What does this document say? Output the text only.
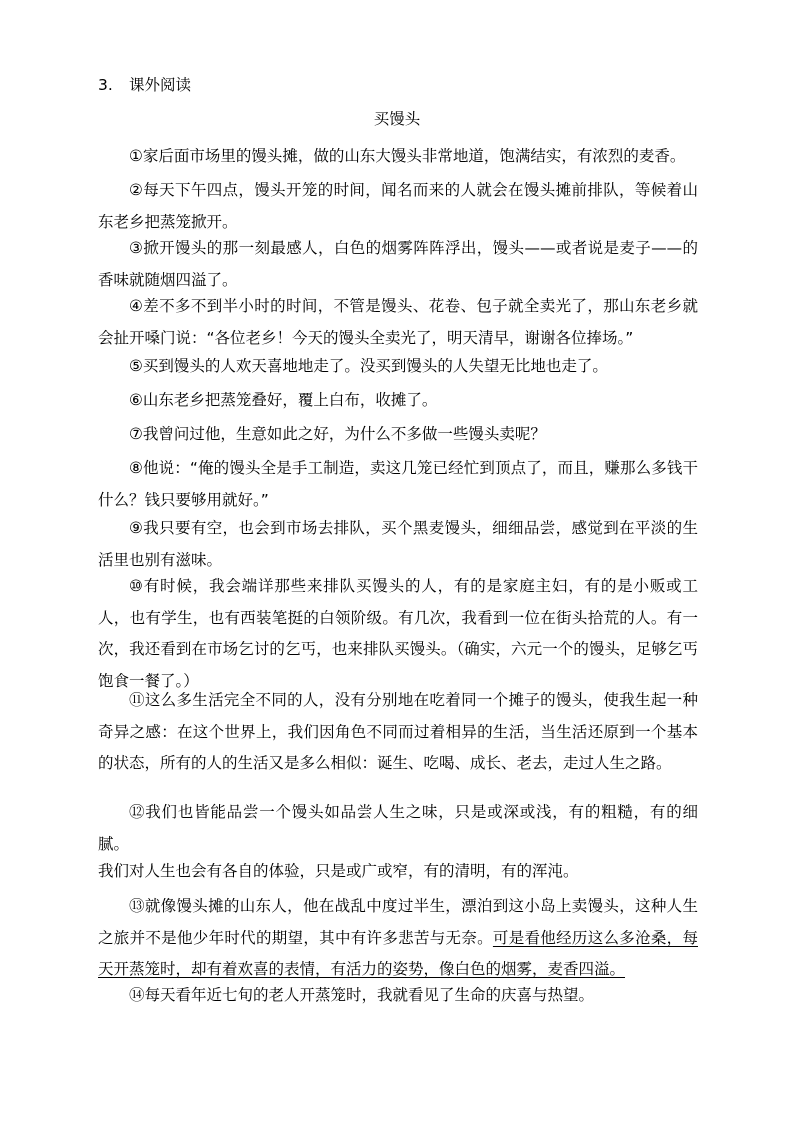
3. 课外阅读
买馒头

①家后面市场里的馒头摊，做的山东大馒头非常地道，饱满结实，有浓烈的麦香。

②每天下午四点，馒头开笼的时间，闻名而来的人就会在馒头摊前排队，等候着山东老乡把蒸笼掀开。

③掀开馒头的那一刻最感人，白色的烟雾阵阵浮出，馒头——或者说是麦子——的香味就随烟四溢了。

④差不多不到半小时的时间，不管是馒头、花卷、包子就全卖光了，那山东老乡就会扯开嗓门说：“各位老乡！今天的馒头全卖光了，明天清早，谢谢各位捧场。”

⑤买到馒头的人欢天喜地地走了。没买到馒头的人失望无比地也走了。

⑥山东老乡把蒸笼叠好，覆上白布，收摊了。

⑦我曾问过他，生意如此之好，为什么不多做一些馒头卖呢？

⑧他说：“俺的馒头全是手工制造，卖这几笼已经忙到顶点了，而且，赚那么多钱干什么？钱只要够用就好。”

⑨我只要有空，也会到市场去排队，买个黑麦馒头，细细品尝，感觉到在平淡的生活里也别有滋味。

⑩有时候，我会端详那些来排队买馒头的人，有的是家庭主妇，有的是小贩或工人，也有学生，也有西装笔挺的白领阶级。有几次，我看到一位在街头拾荒的人。有一次，我还看到在市场乞讨的乞丐，也来排队买馒头。（确实，六元一个的馒头，足够乞丐饱食一餐了。）

⑪这么多生活完全不同的人，没有分别地在吃着同一个摊子的馒头，使我生起一种奇异之感：在这个世界上，我们因角色不同而过着相异的生活，当生活还原到一个基本的状态，所有的人的生活又是多么相似：诞生、吃喝、成长、老去，走过人生之路。

⑫我们也皆能品尝一个馒头如品尝人生之味，只是或深或浅，有的粗糙，有的细腻。

我们对人生也会有各自的体验，只是或广或窄，有的清明，有的浑沌。

⑬就像馒头摊的山东人，他在战乱中度过半生，漂泊到这小岛上卖馒头，这种人生之旅并不是他少年时代的期望，其中有许多悲苦与无奈。可是看他经历这么多沧桑，每天开蒸笼时，却有着欢喜的表情，有活力的姿势，像白色的烟雾，麦香四溢。

⑭每天看年近七旬的老人开蒸笼时，我就看见了生命的庆喜与热望。
